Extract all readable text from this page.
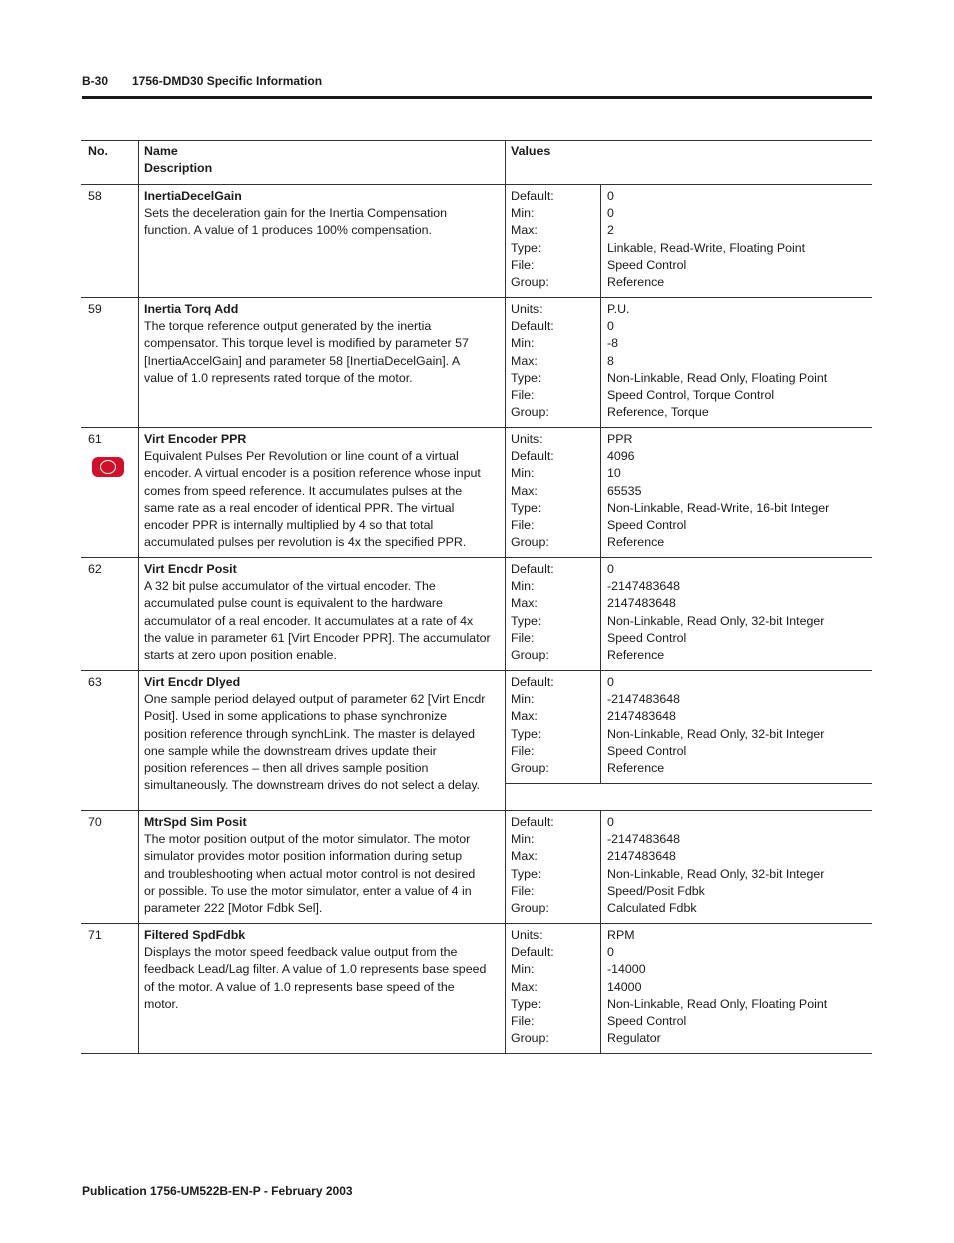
B-30 1756-DMD30 Specific Information
No.	Name
Description
Values
58	InertiaDecelGain
Sets the deceleration gain for the Inertia Compensation
function. A value of 1 produces 100% compensation.
Default:	0
Min:	0
Max:	2
Type:	Linkable, Read-Write, Floating Point
File:	Speed Control
Group:	Reference
59	Inertia Torq Add
The torque reference output generated by the inertia
compensator. This torque level is modified by parameter 57
[InertiaAccelGain] and parameter 58 [InertiaDecelGain]. A
value of 1.0 represents rated torque of the motor.
Units:	P.U.
Default:	0
Min:	-8
Max:	8
Type:	Non-Linkable, Read Only, Floating Point
File:	Speed Control, Torque Control
Group:	Reference, Torque
61	Virt Encoder PPR
Equivalent Pulses Per Revolution or line count of a virtual
encoder. A virtual encoder is a position reference whose input
comes from speed reference. It accumulates pulses at the
same rate as a real encoder of identical PPR. The virtual
encoder PPR is internally multiplied by 4 so that total
accumulated pulses per revolution is 4x the specified PPR.
Units:	PPR
Default:	4096
Min:	10
Max:	65535
Type:	Non-Linkable, Read-Write, 16-bit Integer
File:	Speed Control
Group:	Reference
62	Virt Encdr Posit
A 32 bit pulse accumulator of the virtual encoder. The
accumulated pulse count is equivalent to the hardware
accumulator of a real encoder. It accumulates at a rate of 4x
the value in parameter 61 [Virt Encoder PPR]. The accumulator
starts at zero upon position enable.
Default:	0
Min:	-2147483648
Max:	2147483648
Type:	Non-Linkable, Read Only, 32-bit Integer
File:	Speed Control
Group:	Reference
63	Virt Encdr Dlyed
One sample period delayed output of parameter 62 [Virt Encdr
Posit]. Used in some applications to phase synchronize
position reference through synchLink. The master is delayed
one sample while the downstream drives update their
position references – then all drives sample position
simultaneously. The downstream drives do not select a delay.
Default:	0
Min:	-2147483648
Max:	2147483648
Type:	Non-Linkable, Read Only, 32-bit Integer
File:	Speed Control
Group:	Reference
70	MtrSpd Sim Posit
The motor position output of the motor simulator. The motor
simulator provides motor position information during setup
and troubleshooting when actual motor control is not desired
or possible. To use the motor simulator, enter a value of 4 in
parameter 222 [Motor Fdbk Sel].
Default:	0
Min:	-2147483648
Max:	2147483648
Type:	Non-Linkable, Read Only, 32-bit Integer
File:	Speed/Posit Fdbk
Group:	Calculated Fdbk
71	Filtered SpdFdbk
Displays the motor speed feedback value output from the
feedback Lead/Lag filter. A value of 1.0 represents base speed
of the motor. A value of 1.0 represents base speed of the
motor.
Units:	RPM
Default:	0
Min:	-14000
Max:	14000
Type:	Non-Linkable, Read Only, Floating Point
File:	Speed Control
Group:	Regulator
Publication 1756-UM522B-EN-P - February 2003
